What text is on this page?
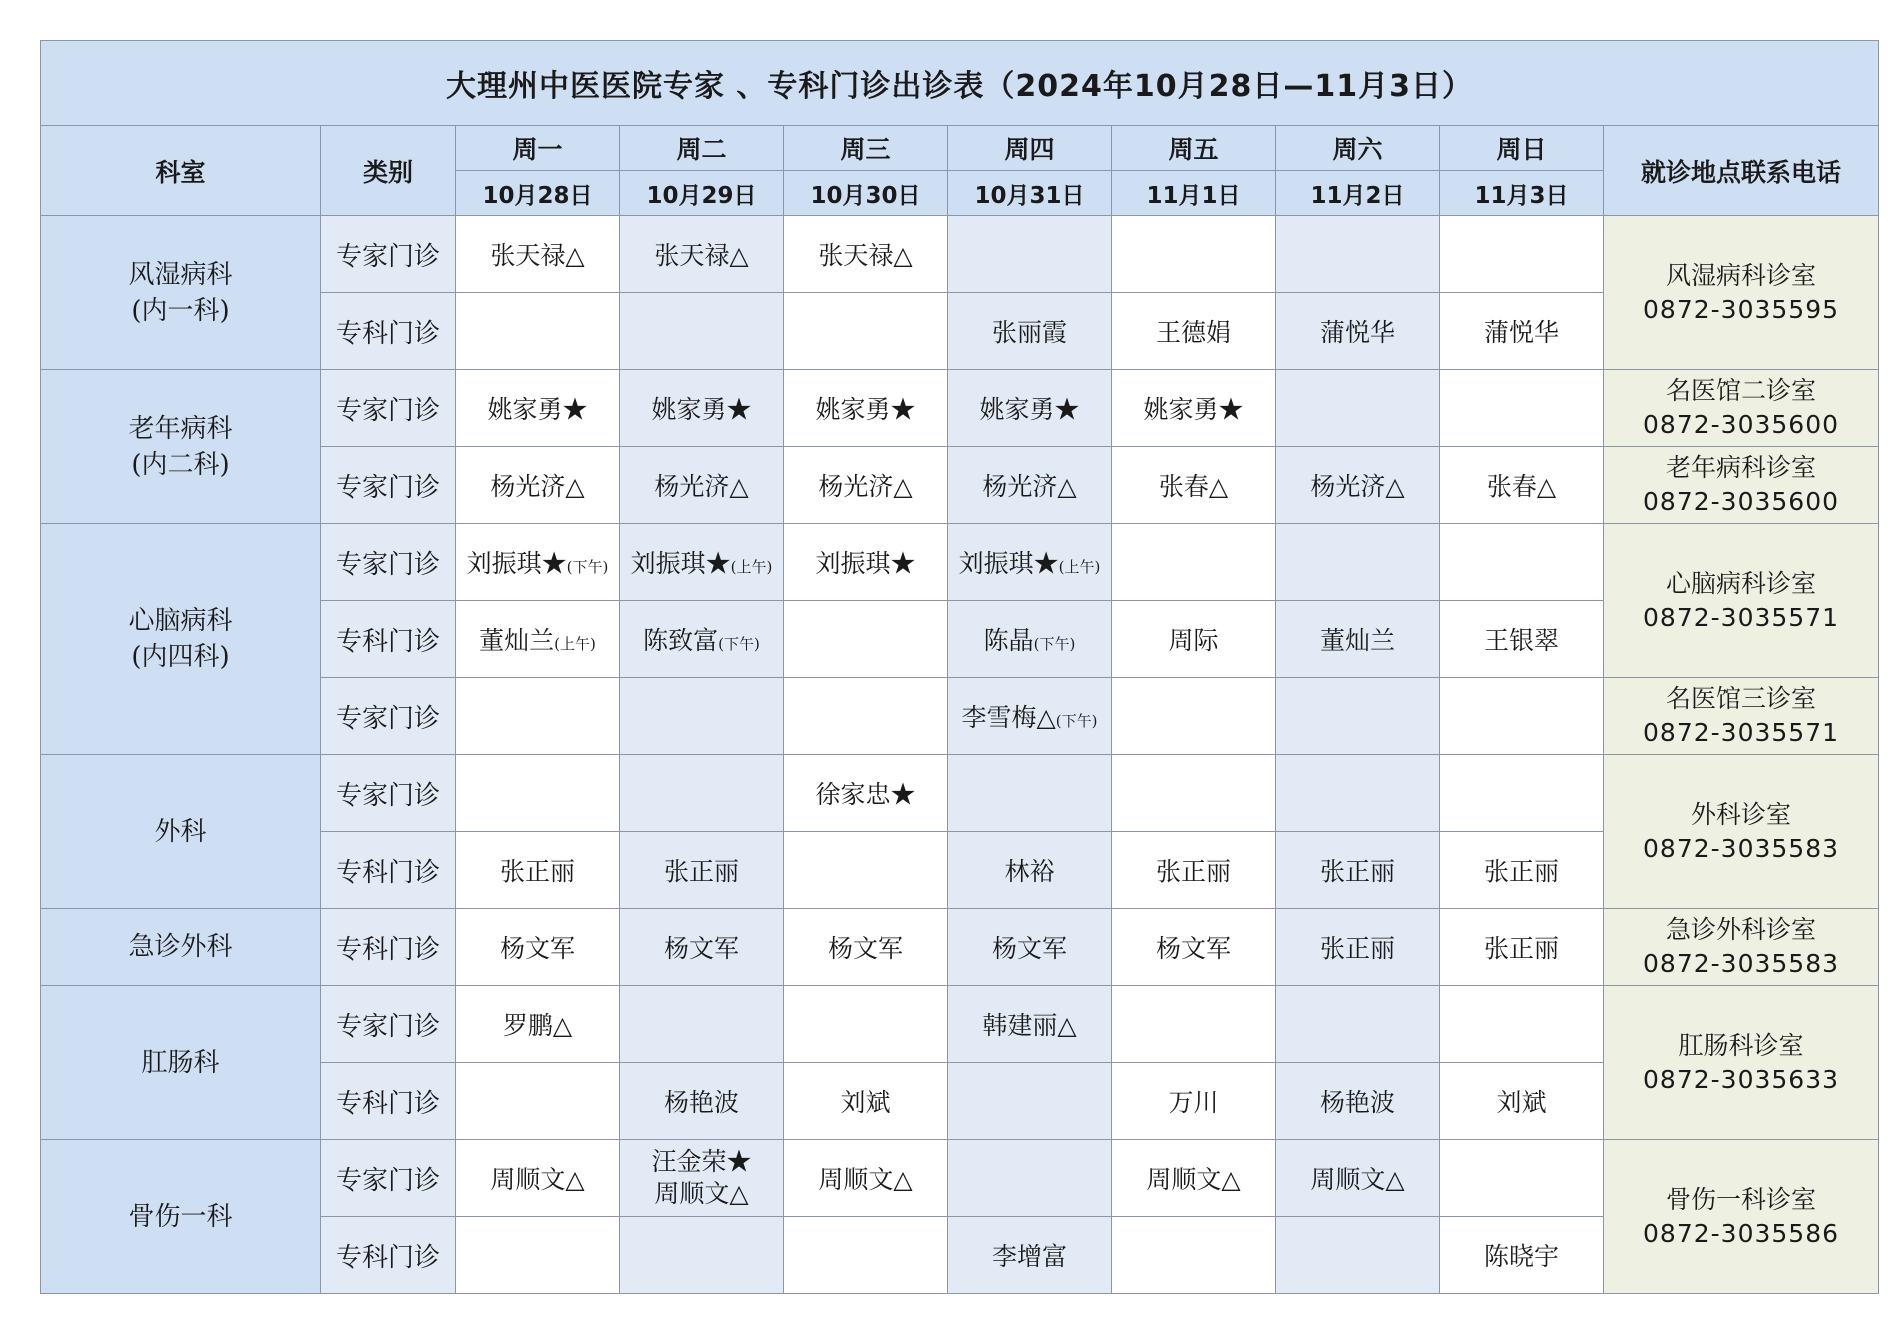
大理州中医医院专家 、专科门诊出诊表（2024年10月28日—11月3日）									
科室	类别	周一	周二	周三	周四	周五	周六	周日	就诊地点联系电话
		10月28日	10月29日	10月30日	10月31日	11月1日	11月2日	11月3日	

风湿病科
(内一科)	专家门诊	张天禄△	张天禄△	张天禄△					风湿病科诊室
0872-3035595

	专科门诊				张丽霞	王德娟	蒲悦华	蒲悦华	

老年病科
(内二科)	专家门诊	姚家勇★	姚家勇★	姚家勇★	姚家勇★	姚家勇★			名医馆二诊室
0872-3035600

	专家门诊	杨光济△	杨光济△	杨光济△	杨光济△	张春△	杨光济△	张春△	老年病科诊室
0872-3035600

心脑病科
(内四科)	专家门诊	刘振琪★(下午)	刘振琪★(上午)	刘振琪★	刘振琪★(上午)				心脑病科诊室
0872-3035571

	专科门诊	董灿兰(上午)	陈致富(下午)		陈晶(下午)	周际	董灿兰	王银翠	
	专家门诊				李雪梅△(下午)				名医馆三诊室
0872-3035571

外科	专家门诊			徐家忠★					外科诊室
0872-3035583

	专科门诊	张正丽	张正丽		林裕	张正丽	张正丽	张正丽	

急诊外科	专科门诊	杨文军	杨文军	杨文军	杨文军	杨文军	张正丽	张正丽	急诊外科诊室
0872-3035583

肛肠科	专家门诊	罗鹏△			韩建丽△				肛肠科诊室
0872-3035633

	专科门诊		杨艳波	刘斌		万川	杨艳波	刘斌	

骨伤一科	专家门诊	周顺文△	汪金荣★
周顺文△	周顺文△		周顺文△	周顺文△		骨伤一科诊室
0872-3035586

	专科门诊				李增富			陈晓宇	
